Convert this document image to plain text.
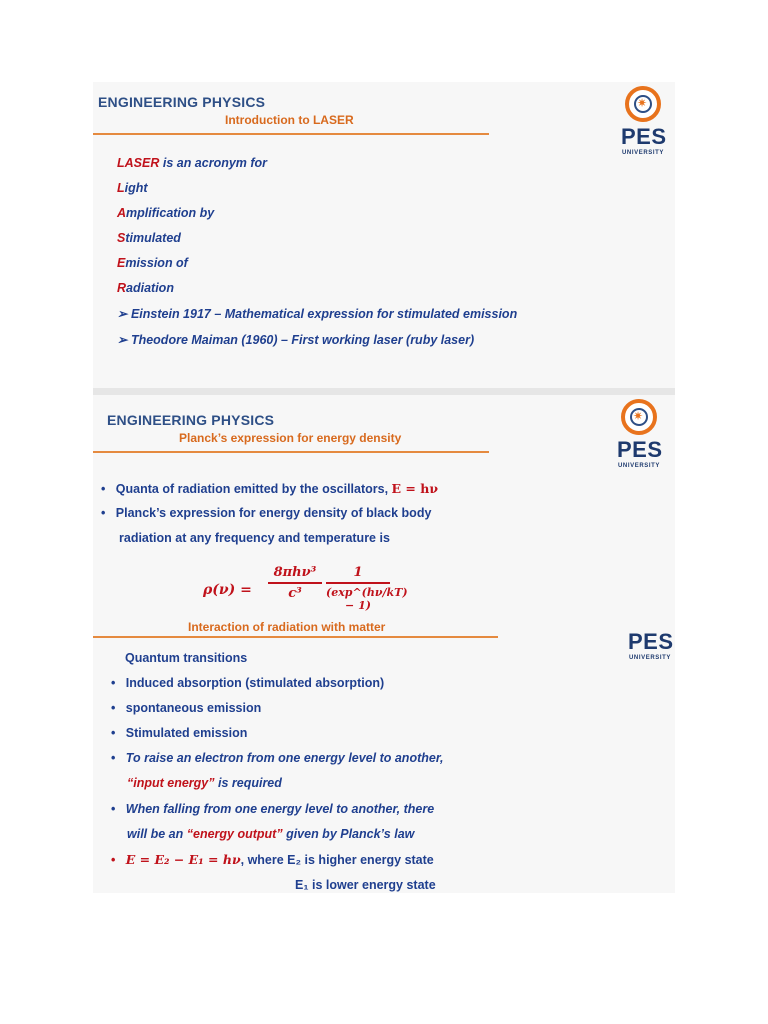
ENGINEERING PHYSICS
Introduction to LASER
✷
PES
UNIVERSITY
LASER is an acronym for
Light
Amplification by
Stimulated
Emission of
Radiation
➢ Einstein 1917 – Mathematical expression for stimulated emission
➢ Theodore Maiman (1960) – First working laser (ruby laser)
ENGINEERING PHYSICS
Planck’s expression for energy density
✷
PES
UNIVERSITY
•   Quanta of radiation emitted by the oscillators, E = hν
•   Planck’s expression for energy density of black body
radiation at any frequency and temperature is
ρ(ν) =
8πhν³
c³
1
(exp^(hν/kT) − 1)
Interaction of radiation with matter
PES
UNIVERSITY
Quantum transitions
•   Induced absorption (stimulated absorption)
•   spontaneous emission
•   Stimulated emission
•   To raise an electron from one energy level to another,
“input energy” is required
•   When falling from one energy level to another, there
will be an “energy output” given by Planck’s law
•   E = E₂ − E₁ = hν, where E₂ is higher energy state
E₁ is lower energy state
